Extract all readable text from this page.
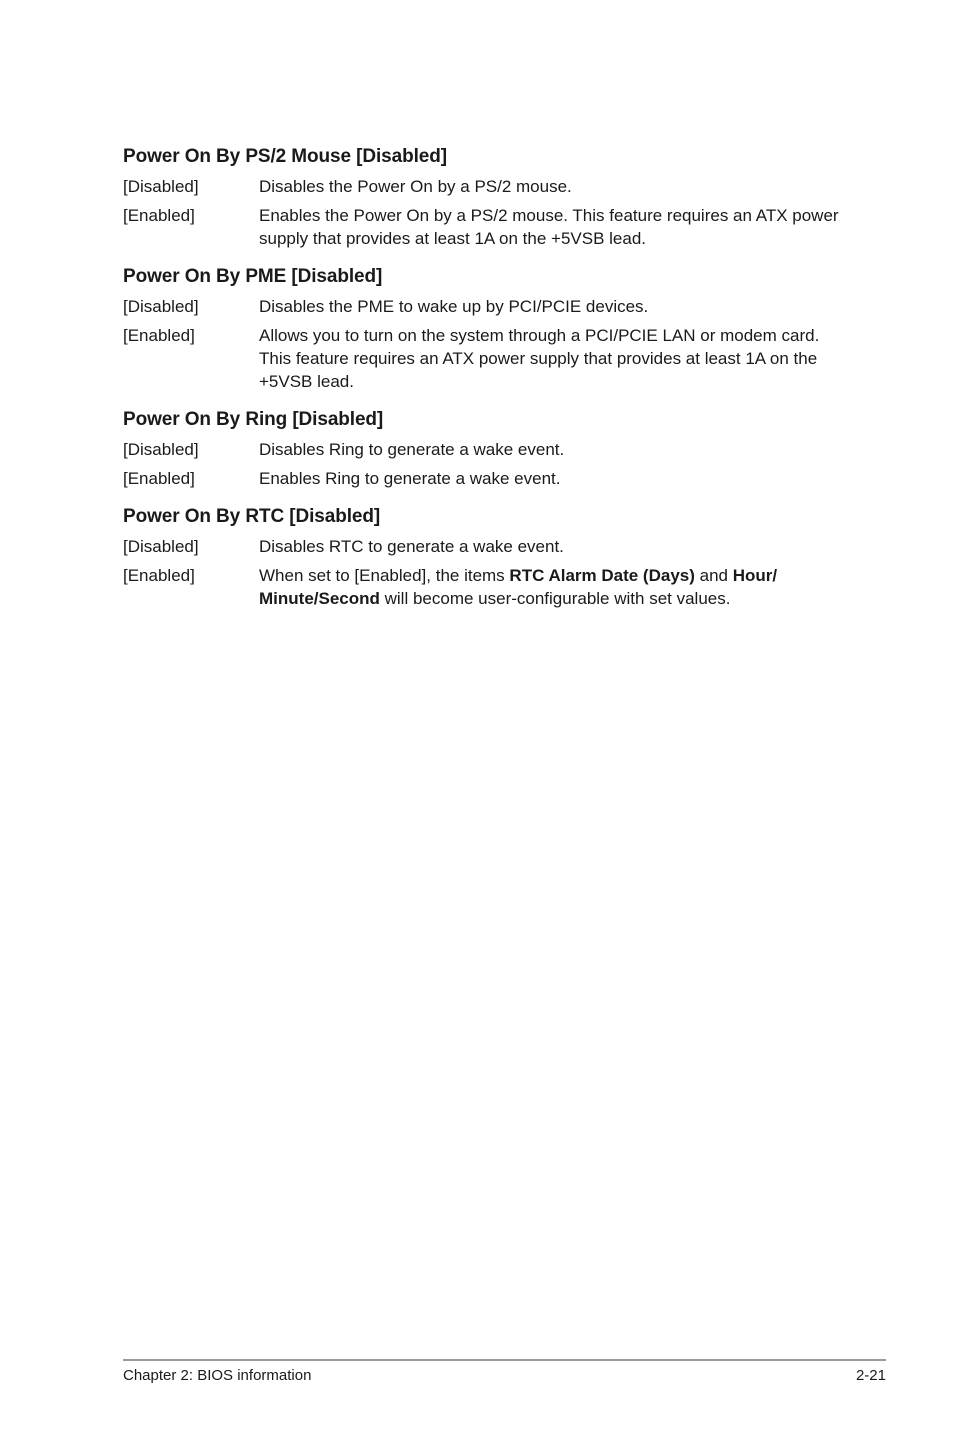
Power On By PS/2 Mouse [Disabled]
[Disabled]	Disables the Power On by a PS/2 mouse.
[Enabled]	Enables the Power On by a PS/2 mouse. This feature requires an ATX power supply that provides at least 1A on the +5VSB lead.
Power On By PME [Disabled]
[Disabled]	Disables the PME to wake up by PCI/PCIE devices.
[Enabled]	Allows you to turn on the system through a PCI/PCIE LAN or modem card. This feature requires an ATX power supply that provides at least 1A on the +5VSB lead.
Power On By Ring [Disabled]
[Disabled]	Disables Ring to generate a wake event.
[Enabled]	Enables Ring to generate a wake event.
Power On By RTC [Disabled]
[Disabled]	Disables RTC to generate a wake event.
[Enabled]	When set to [Enabled], the items RTC Alarm Date (Days) and Hour/ Minute/Second will become user-configurable with set values.
Chapter 2: BIOS information	2-21
